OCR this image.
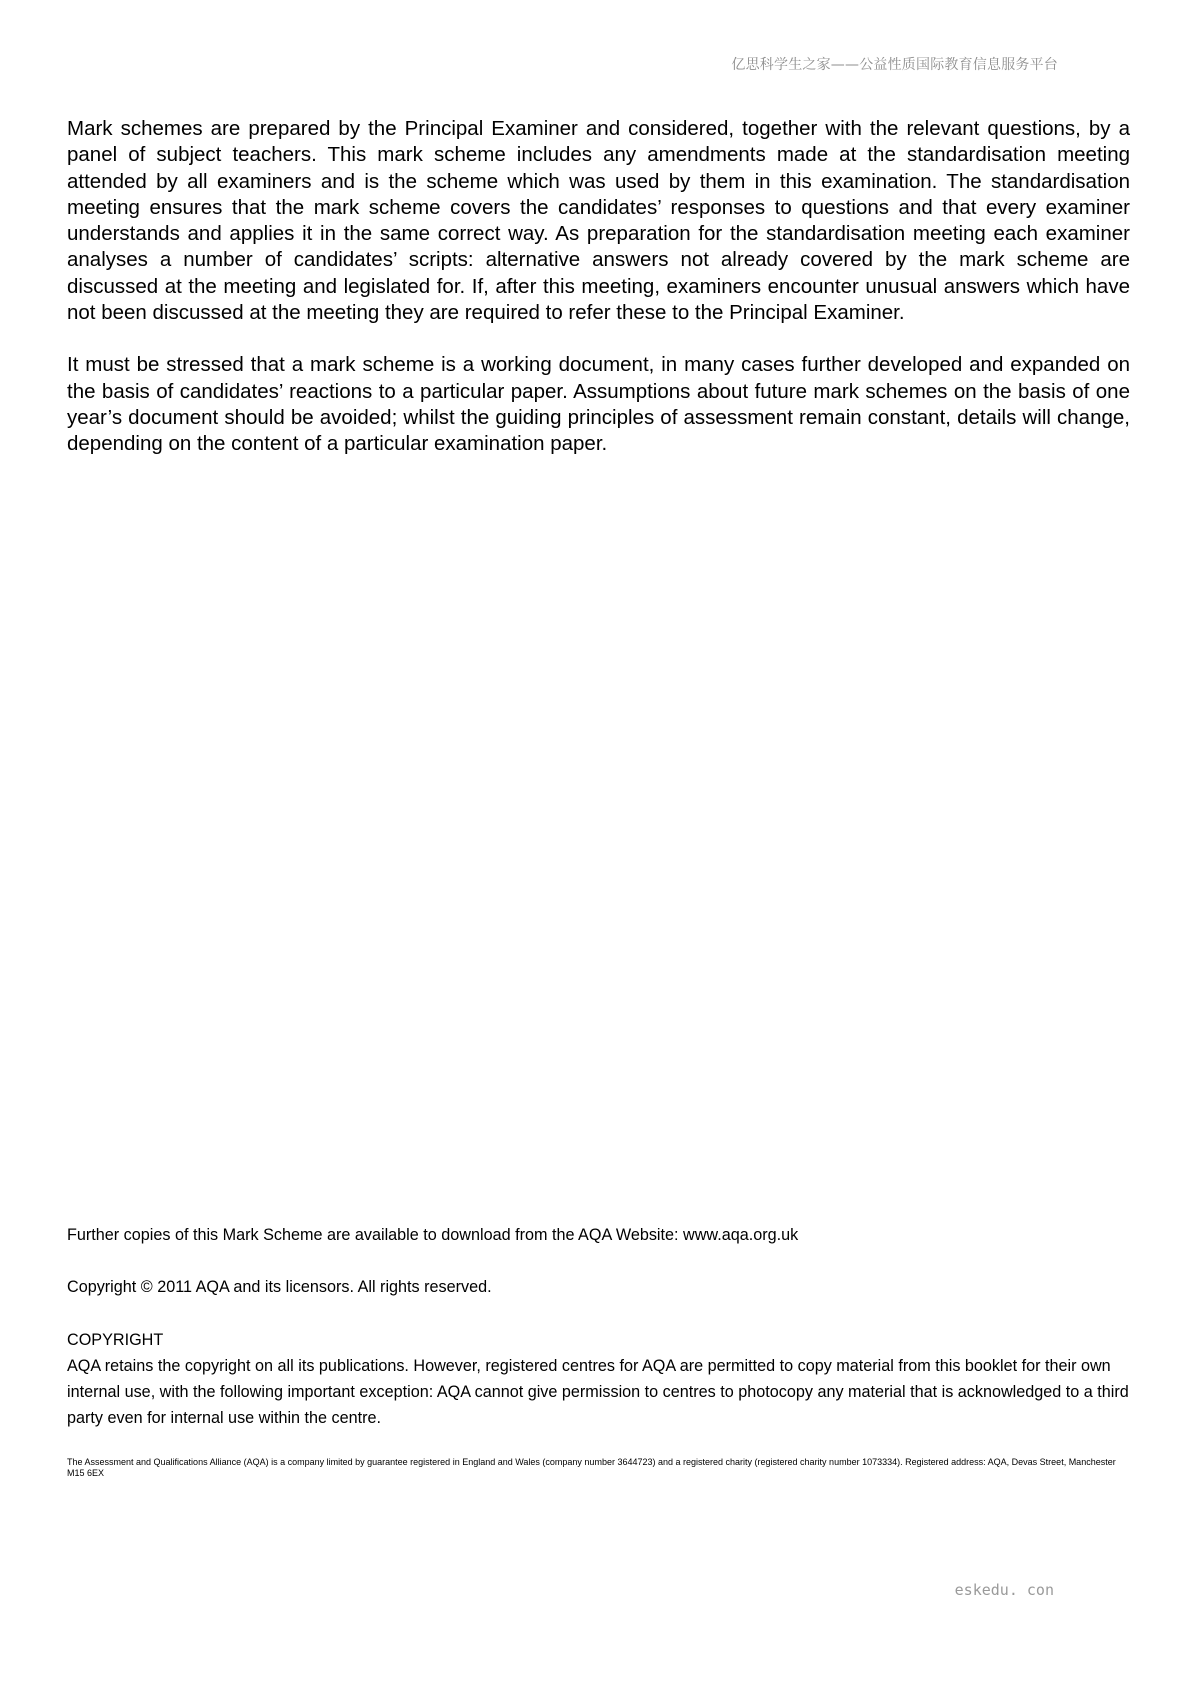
亿思科学生之家——公益性质国际教育信息服务平台

Mark schemes are prepared by the Principal Examiner and considered, together with the relevant questions, by a panel of subject teachers. This mark scheme includes any amendments made at the standardisation meeting attended by all examiners and is the scheme which was used by them in this examination. The standardisation meeting ensures that the mark scheme covers the candidates’ responses to questions and that every examiner understands and applies it in the same correct way. As preparation for the standardisation meeting each examiner analyses a number of candidates’ scripts: alternative answers not already covered by the mark scheme are discussed at the meeting and legislated for. If, after this meeting, examiners encounter unusual answers which have not been discussed at the meeting they are required to refer these to the Principal Examiner.

It must be stressed that a mark scheme is a working document, in many cases further developed and expanded on the basis of candidates’ reactions to a particular paper. Assumptions about future mark schemes on the basis of one year’s document should be avoided; whilst the guiding principles of assessment remain constant, details will change, depending on the content of a particular examination paper.

Further copies of this Mark Scheme are available to download from the AQA Website: www.aqa.org.uk

Copyright © 2011 AQA and its licensors. All rights reserved.

COPYRIGHT

AQA retains the copyright on all its publications. However, registered centres for AQA are permitted to copy material from this booklet for their own internal use, with the following important exception: AQA cannot give permission to centres to photocopy any material that is acknowledged to a third party even for internal use within the centre.

The Assessment and Qualifications Alliance (AQA) is a company limited by guarantee registered in England and Wales (company number 3644723) and a registered charity (registered charity number 1073334). Registered address: AQA, Devas Street, Manchester M15 6EX
eskedu. con
